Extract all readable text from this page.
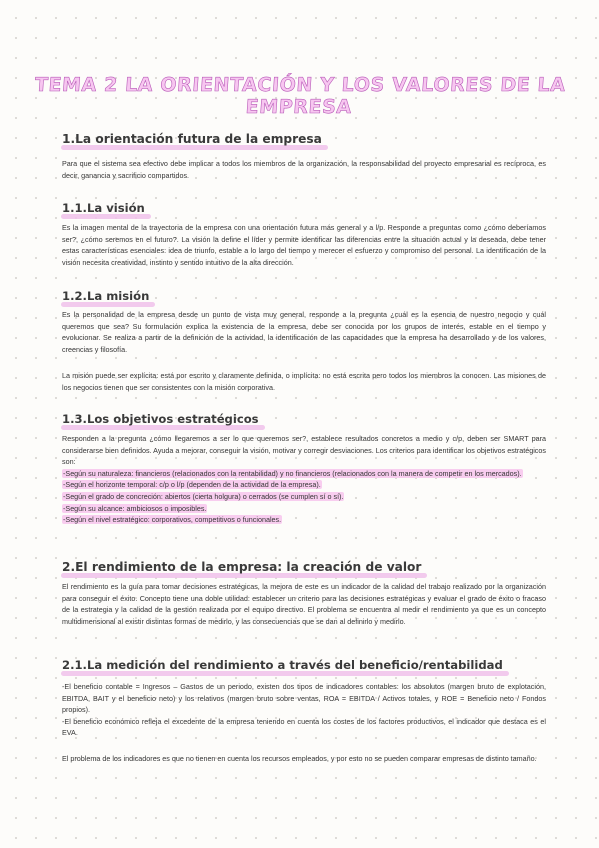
TEMA 2 LA ORIENTACIÓN Y LOS VALORES DE LA EMPRESA
1.La orientación futura de la empresa

Para que el sistema sea efectivo debe implicar a todos los miembros de la organización, la responsabilidad del proyecto empresarial es recíproca, es decir, ganancia y sacrificio compartidos.

1.1.La visión

Es la imagen mental de la trayectoria de la empresa con una orientación futura más general y a l/p. Responde a preguntas como ¿cómo deberíamos ser?, ¿cómo seremos en el futuro?. La visión la define el líder y permite identificar las diferencias entre la situación actual y la deseada, debe tener estas características esenciales: idea de triunfo, estable a lo largo del tiempo y merecer el esfuerzo y compromiso del personal. La identificación de la visión necesita creatividad, instinto y sentido intuitivo de la alta dirección.

1.2.La misión

Es la personalidad de la empresa desde un punto de vista muy general, responde a la pregunta ¿cuál es la esencia de nuestro negocio y cuál queremos que sea? Su formulación explica la existencia de la empresa, debe ser conocida por los grupos de interés, estable en el tiempo y evolucionar. Se realiza a partir de la definición de la actividad, la identificación de las capacidades que la empresa ha desarrollado y de los valores, creencias y filosofía.

La misión puede ser explícita: está por escrito y claramente definida, o implícita: no está escrita pero todos los miembros la conocen. Las misiones de los negocios tienen que ser consistentes con la misión corporativa.

1.3.Los objetivos estratégicos

Responden a la pregunta ¿cómo llegaremos a ser lo que queremos ser?, establece resultados concretos a medio y c/p, deben ser SMART para considerarse bien definidos. Ayuda a mejorar, conseguir la visión, motivar y corregir desviaciones. Los criterios para identificar los objetivos estratégicos son:

-Según su naturaleza: financieros (relacionados con la rentabilidad) y no financieros (relacionados con la manera de competir en los mercados).

-Según el horizonte temporal: c/p o l/p (dependen de la actividad de la empresa).

-Según el grado de concreción: abiertos (cierta holgura) o cerrados (se cumplen sí o sí).

-Según su alcance: ambiciosos o imposibles.

-Según el nivel estratégico: corporativos, competitivos o funcionales.

2.El rendimiento de la empresa: la creación de valor

El rendimiento es la guía para tomar decisiones estratégicas, la mejora de este es un indicador de la calidad del trabajo realizado por la organización para conseguir el éxito. Concepto tiene una doble utilidad: establecer un criterio para las decisiones estratégicas y evaluar el grado de éxito o fracaso de la estrategia y la calidad de la gestión realizada por el equipo directivo. El problema se encuentra al medir el rendimiento ya que es un concepto multidimensional al existir distintas formas de medirlo, y las consecuencias que se dan al definirlo y medirlo.

2.1.La medición del rendimiento a través del beneficio/rentabilidad

-El beneficio contable = Ingresos – Gastos de un periodo, existen dos tipos de indicadores contables: los absolutos (margen bruto de explotación, EBITDA, BAIT y el beneficio neto) y los relativos (margen bruto sobre ventas, ROA = EBITDA / Activos totales, y ROE = Beneficio neto / Fondos propios).

-El beneficio económico refleja el excedente de la empresa teniendo en cuenta los costes de los factores productivos, el indicador que destaca es el EVA.

El problema de los indicadores es que no tienen en cuenta los recursos empleados, y por esto no se pueden comparar empresas de distinto tamaño.
